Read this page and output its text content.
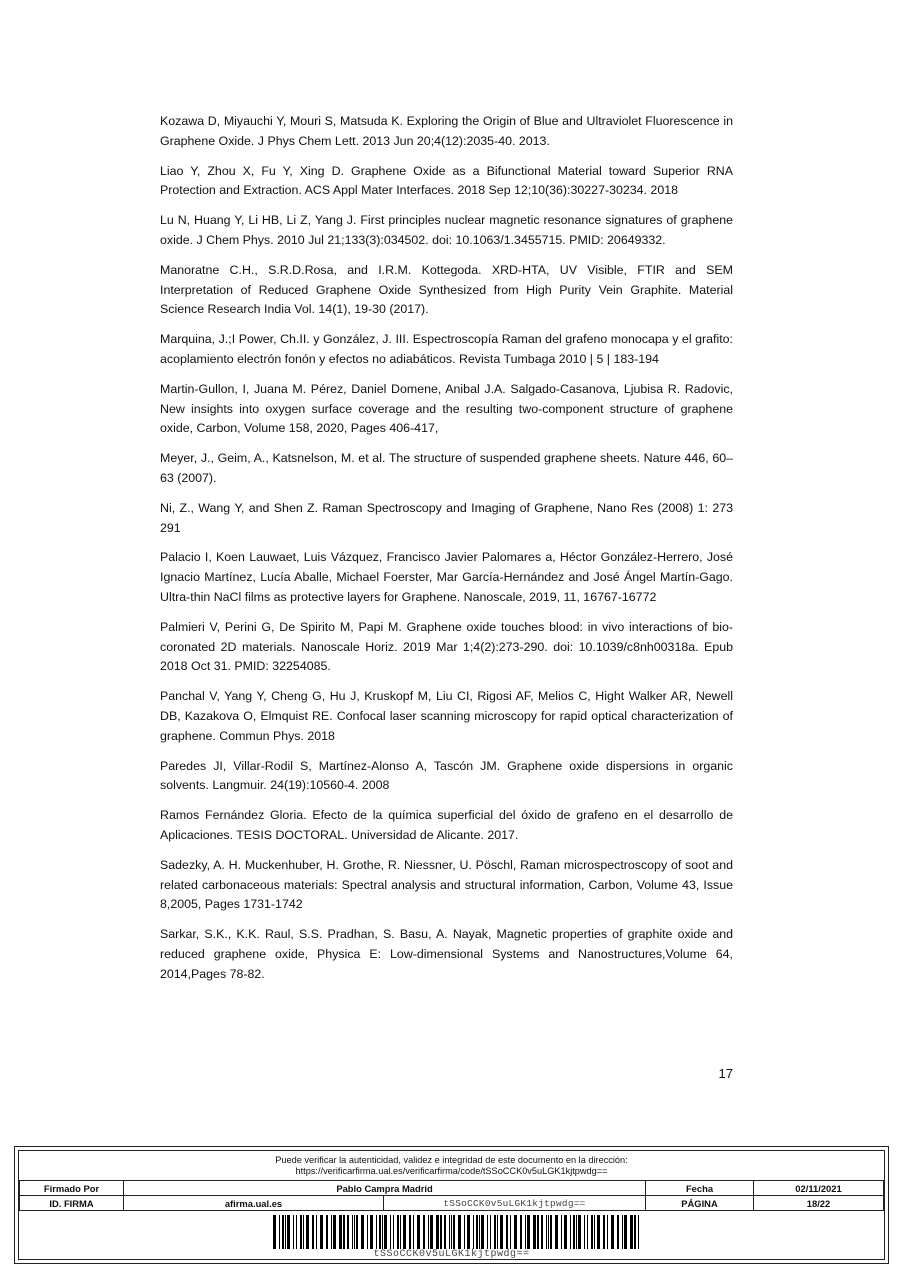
Kozawa D, Miyauchi Y, Mouri S, Matsuda K. Exploring the Origin of Blue and Ultraviolet Fluorescence in Graphene Oxide. J Phys Chem Lett. 2013 Jun 20;4(12):2035-40. 2013.

Liao Y, Zhou X, Fu Y, Xing D. Graphene Oxide as a Bifunctional Material toward Superior RNA Protection and Extraction. ACS Appl Mater Interfaces. 2018 Sep 12;10(36):30227-30234. 2018

Lu N, Huang Y, Li HB, Li Z, Yang J. First principles nuclear magnetic resonance signatures of graphene oxide. J Chem Phys. 2010 Jul 21;133(3):034502. doi: 10.1063/1.3455715. PMID: 20649332.

Manoratne C.H., S.R.D.Rosa, and I.R.M. Kottegoda. XRD-HTA, UV Visible, FTIR and SEM Interpretation of Reduced Graphene Oxide Synthesized from High Purity Vein Graphite. Material Science Research India Vol. 14(1), 19-30 (2017).

Marquina, J.;I Power, Ch.II. y González, J. III. Espectroscopía Raman del grafeno monocapa y el grafito: acoplamiento electrón fonón y efectos no adiabáticos. Revista Tumbaga 2010 | 5 | 183-194

Martin-Gullon, I, Juana M. Pérez, Daniel Domene, Anibal J.A. Salgado-Casanova, Ljubisa R. Radovic, New insights into oxygen surface coverage and the resulting two-component structure of graphene oxide, Carbon, Volume 158, 2020, Pages 406-417,

Meyer, J., Geim, A., Katsnelson, M. et al. The structure of suspended graphene sheets. Nature 446, 60–63 (2007).

Ni, Z., Wang Y, and Shen Z. Raman Spectroscopy and Imaging of Graphene, Nano Res (2008) 1: 273 291

Palacio I, Koen Lauwaet, Luis Vázquez, Francisco Javier Palomares a, Héctor González-Herrero, José Ignacio Martínez, Lucía Aballe, Michael Foerster, Mar García-Hernández and José Ángel Martín-Gago. Ultra-thin NaCl films as protective layers for Graphene. Nanoscale, 2019, 11, 16767-16772

Palmieri V, Perini G, De Spirito M, Papi M. Graphene oxide touches blood: in vivo interactions of bio-coronated 2D materials. Nanoscale Horiz. 2019 Mar 1;4(2):273-290. doi: 10.1039/c8nh00318a. Epub 2018 Oct 31. PMID: 32254085.

Panchal V, Yang Y, Cheng G, Hu J, Kruskopf M, Liu CI, Rigosi AF, Melios C, Hight Walker AR, Newell DB, Kazakova O, Elmquist RE. Confocal laser scanning microscopy for rapid optical characterization of graphene. Commun Phys. 2018

Paredes JI, Villar-Rodil S, Martínez-Alonso A, Tascón JM. Graphene oxide dispersions in organic solvents. Langmuir. 24(19):10560-4. 2008

Ramos Fernández Gloria. Efecto de la química superficial del óxido de grafeno en el desarrollo de Aplicaciones. TESIS DOCTORAL. Universidad de Alicante. 2017.

Sadezky, A. H. Muckenhuber, H. Grothe, R. Niessner, U. Pöschl, Raman microspectroscopy of soot and related carbonaceous materials: Spectral analysis and structural information, Carbon, Volume 43, Issue 8,2005, Pages 1731-1742

Sarkar, S.K., K.K. Raul, S.S. Pradhan, S. Basu, A. Nayak, Magnetic properties of graphite oxide and reduced graphene oxide, Physica E: Low-dimensional Systems and Nanostructures,Volume 64, 2014,Pages 78-82.

17
Puede verificar la autenticidad, validez e integridad de este documento en la dirección:
https://verificarfirma.ual.es/verificarfirma/code/tSSoCCK0v5uLGK1kjtpwdg==
Firmado Por	Pablo Campra Madrid		Fecha	02/11/2021
ID. FIRMA	afirma.ual.es	tSSoCCK0v5uLGK1kjtpwdg==	PÁGINA	18/22
tSSoCCK0v5uLGK1kjtpwdg==
